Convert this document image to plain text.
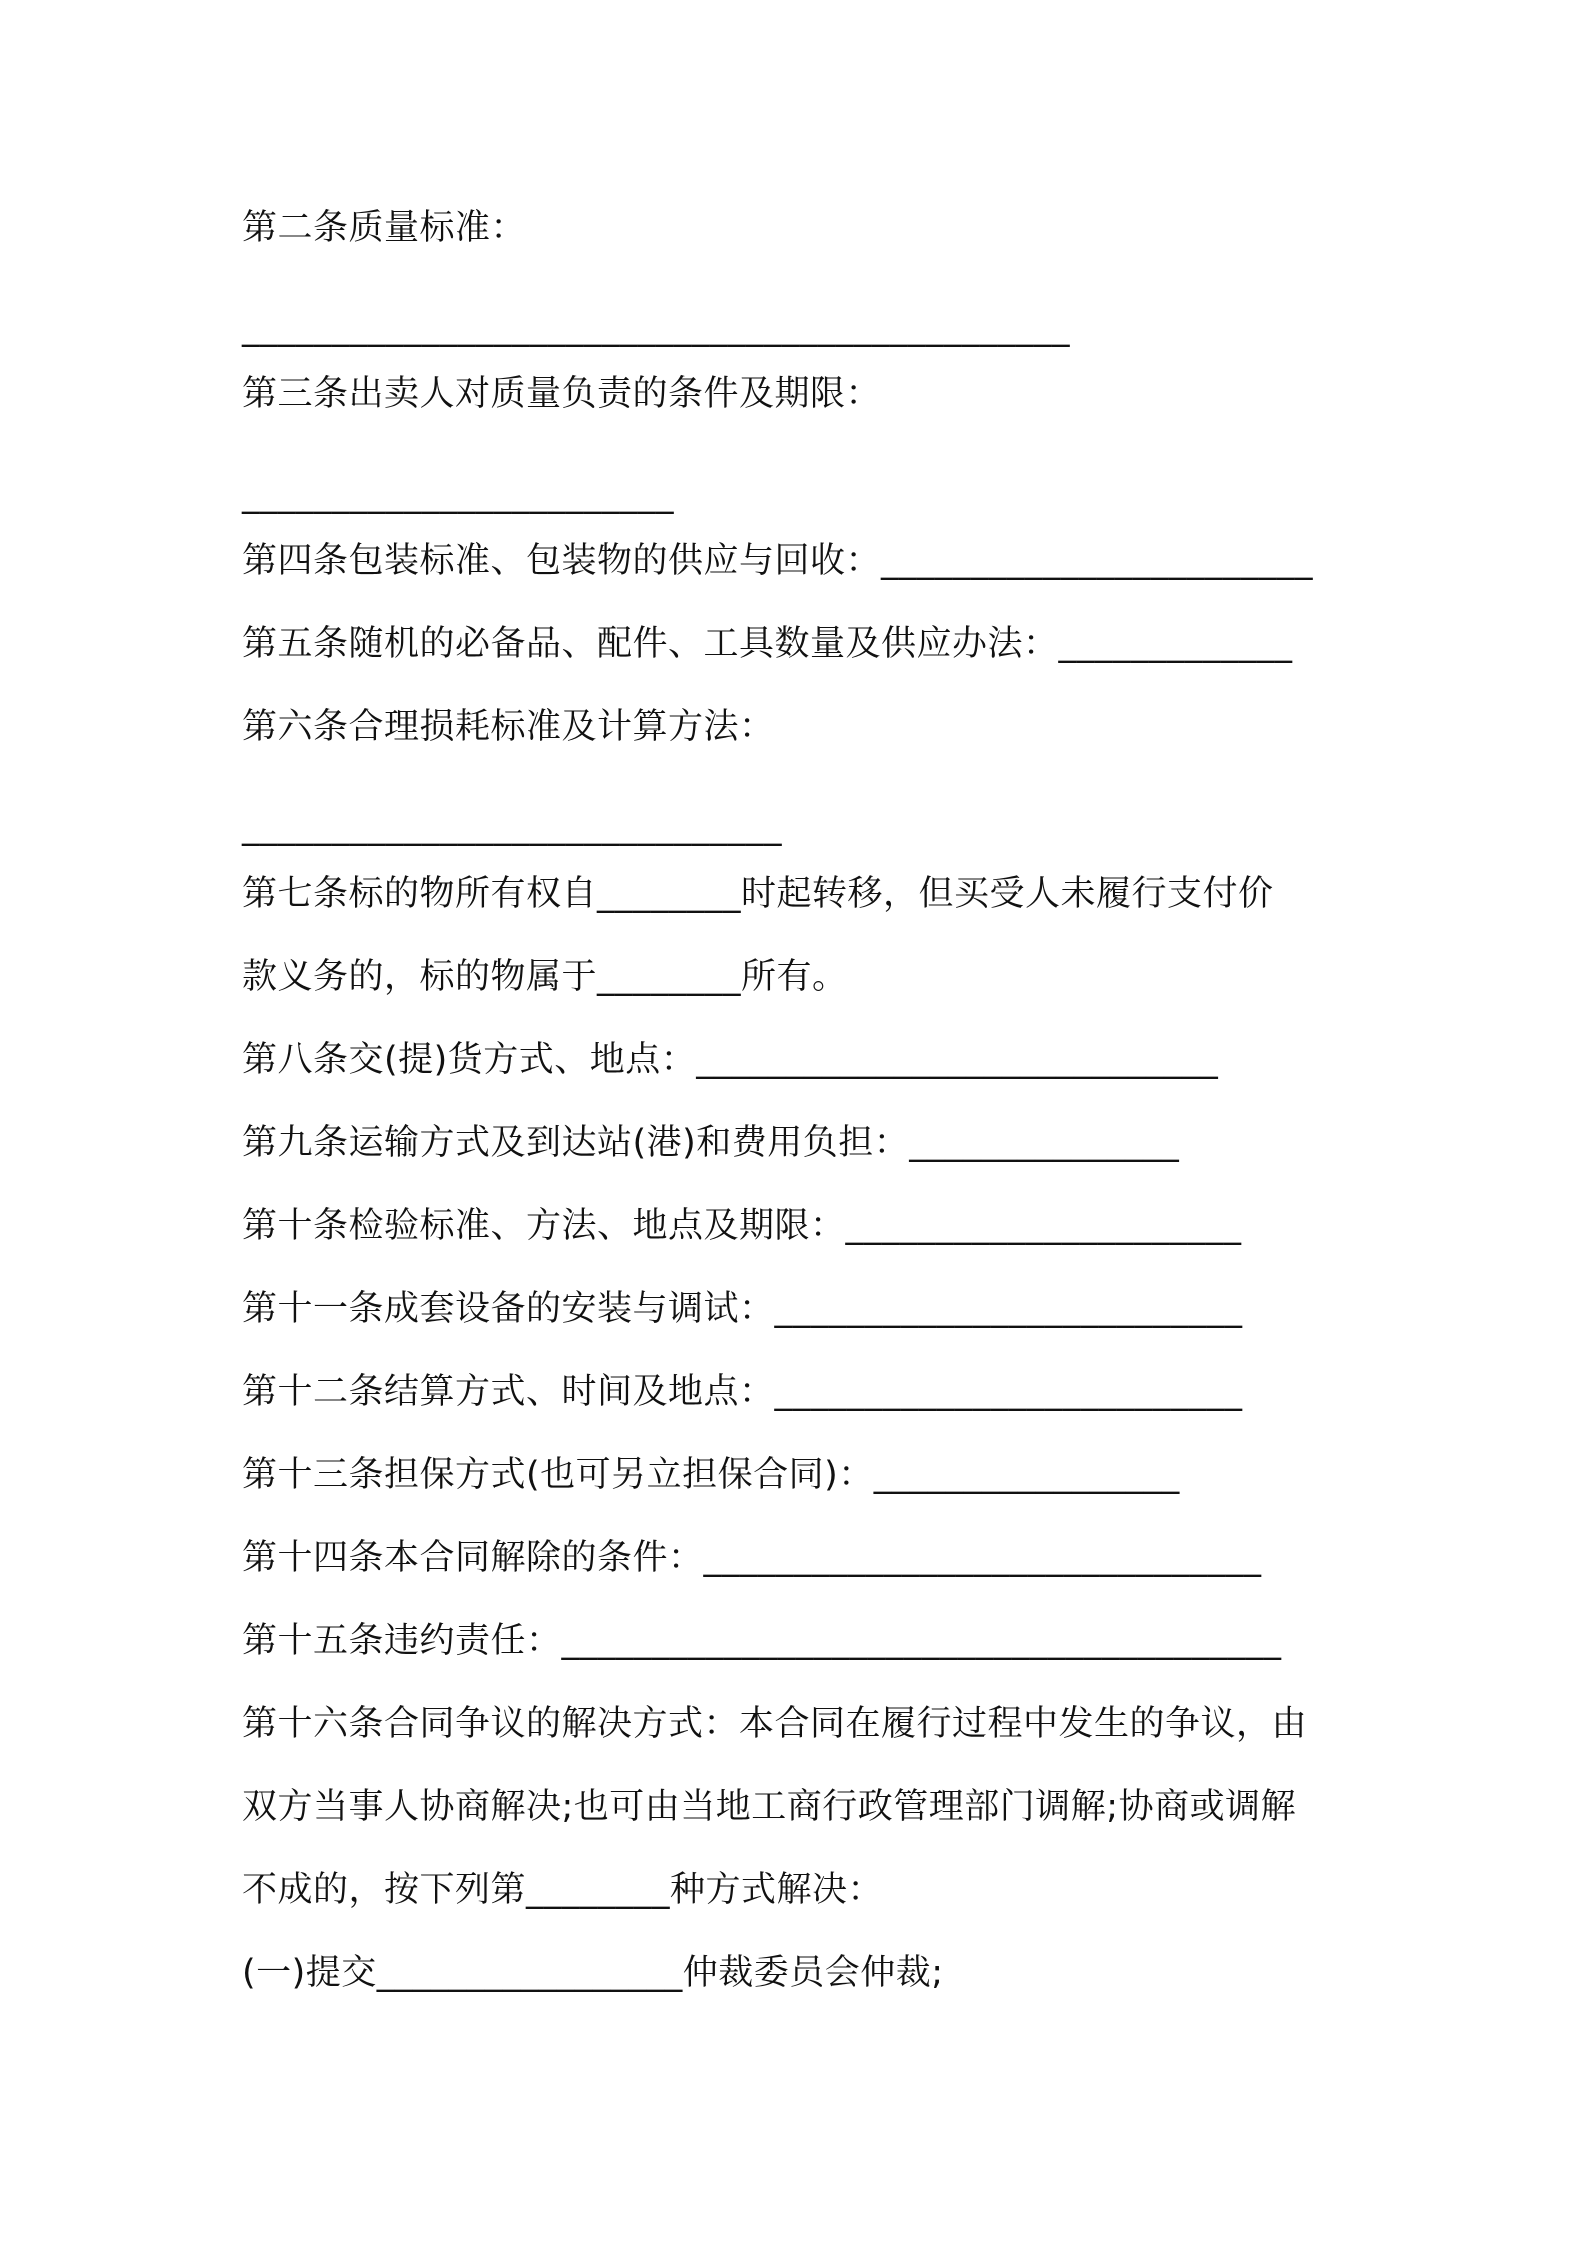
第二条质量标准：

______________________________________________

第三条出卖人对质量负责的条件及期限：

________________________

第四条包装标准、包装物的供应与回收：________________________

第五条随机的必备品、配件、工具数量及供应办法：_____________

第六条合理损耗标准及计算方法：

______________________________

第七条标的物所有权自________时起转移，但买受人未履行支付价

款义务的，标的物属于________所有。

第八条交(提)货方式、地点：_____________________________

第九条运输方式及到达站(港)和费用负担：_______________

第十条检验标准、方法、地点及期限：______________________

第十一条成套设备的安装与调试：__________________________

第十二条结算方式、时间及地点：__________________________

第十三条担保方式(也可另立担保合同)：_________________

第十四条本合同解除的条件：_______________________________

第十五条违约责任：________________________________________

第十六条合同争议的解决方式：本合同在履行过程中发生的争议，由

双方当事人协商解决;也可由当地工商行政管理部门调解;协商或调解

不成的，按下列第________种方式解决：

(一)提交_________________仲裁委员会仲裁;
